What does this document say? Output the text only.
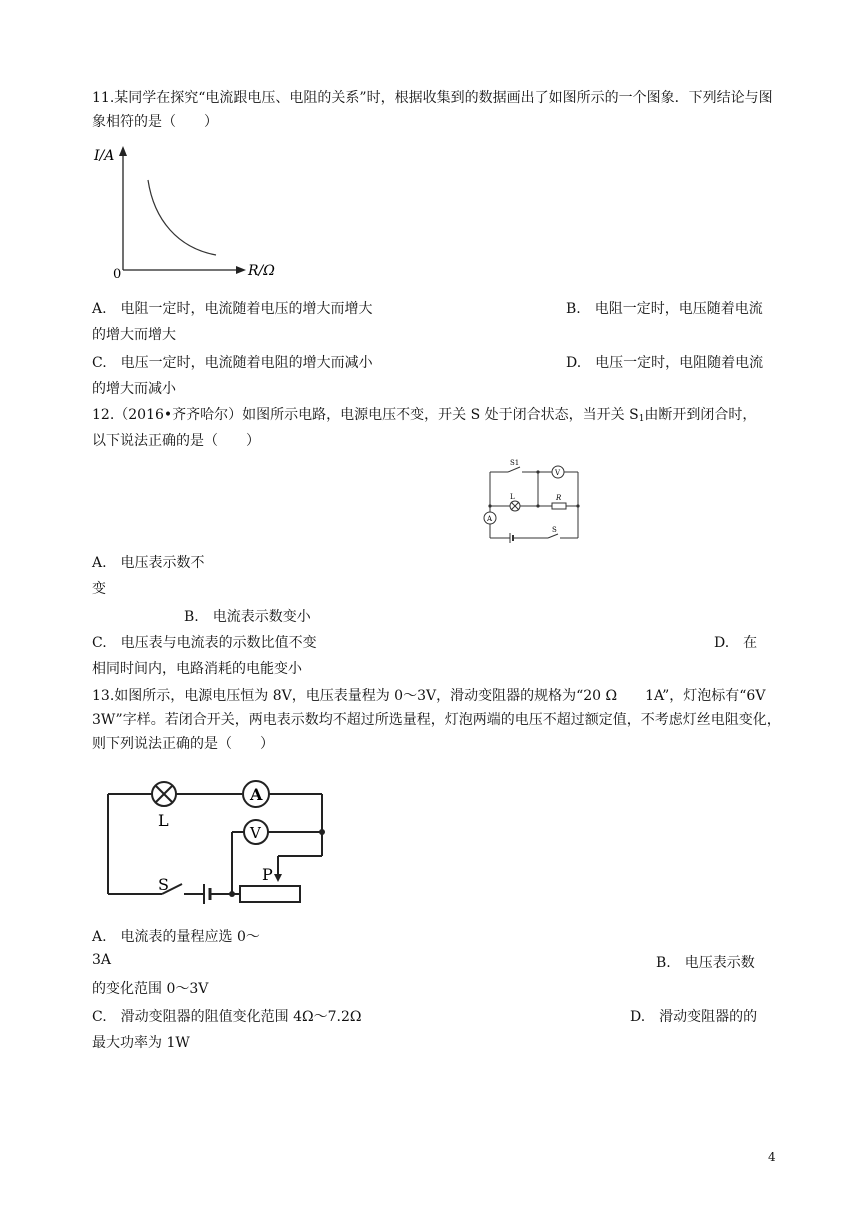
11.某同学在探究“电流跟电压、电阻的关系”时，根据收集到的数据画出了如图所示的一个图象．下列结论与图象相符的是（　　）
I/A
R/Ω
0
A.　电阻一定时，电流随着电压的增大而增大	B.　电阻一定时，电压随着电流
的增大而增大
C.　电压一定时，电流随着电阻的增大而减小	D.　电压一定时，电阻随着电流
的增大而减小
12.（2016•齐齐哈尔）如图所示电路，电源电压不变，开关 S 处于闭合状态，当开关 $S_1$由断开到闭合时，
以下说法正确的是（　　）
S1
V
L	R
A
S
A.　电压表示数不
变
B.　电流表示数变小
C.　电压表与电流表的示数比值不变	D.　在
相同时间内，电路消耗的电能变小
13.如图所示，电源电压恒为 8V，电压表量程为 0～3V，滑动变阻器的规格为“20 Ω　　1A”，灯泡标有“6V 3W”字样。若闭合开关，两电表示数均不超过所选量程，灯泡两端的电压不超过额定值，不考虑灯丝电阻变化，则下列说法正确的是（　　）
A
L
V
S
P
A.　电流表的量程应选 0～
3A	B.　电压表示数
的变化范围 0～3V
C.　滑动变阻器的阻值变化范围 4Ω～7.2Ω	D.　滑动变阻器的的
最大功率为 1W
4
